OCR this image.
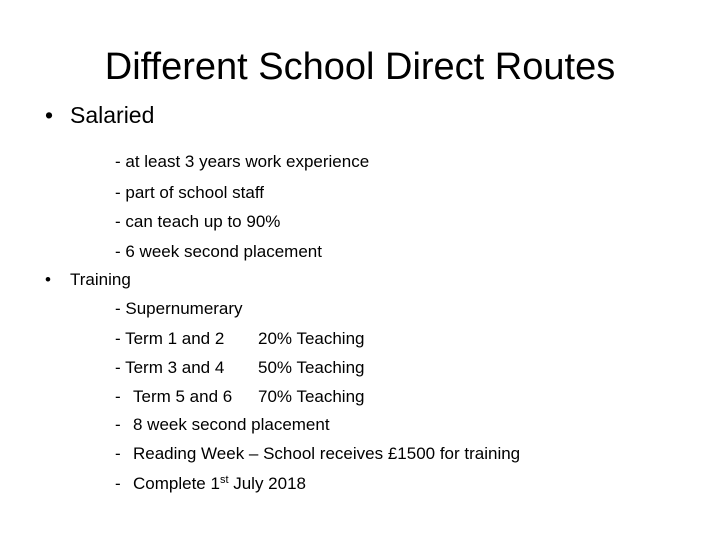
Different School Direct Routes
• Salaried
- at least 3 years work experience
- part of school staff
- can teach up to 90%
- 6 week second placement
• Training
- Supernumerary
- Term 1 and 2 20% Teaching
- Term 3 and 4 50% Teaching
- Term 5 and 6 70% Teaching
- 8 week second placement
- Reading Week – School receives £1500 for training
- Complete 1st July 2018
